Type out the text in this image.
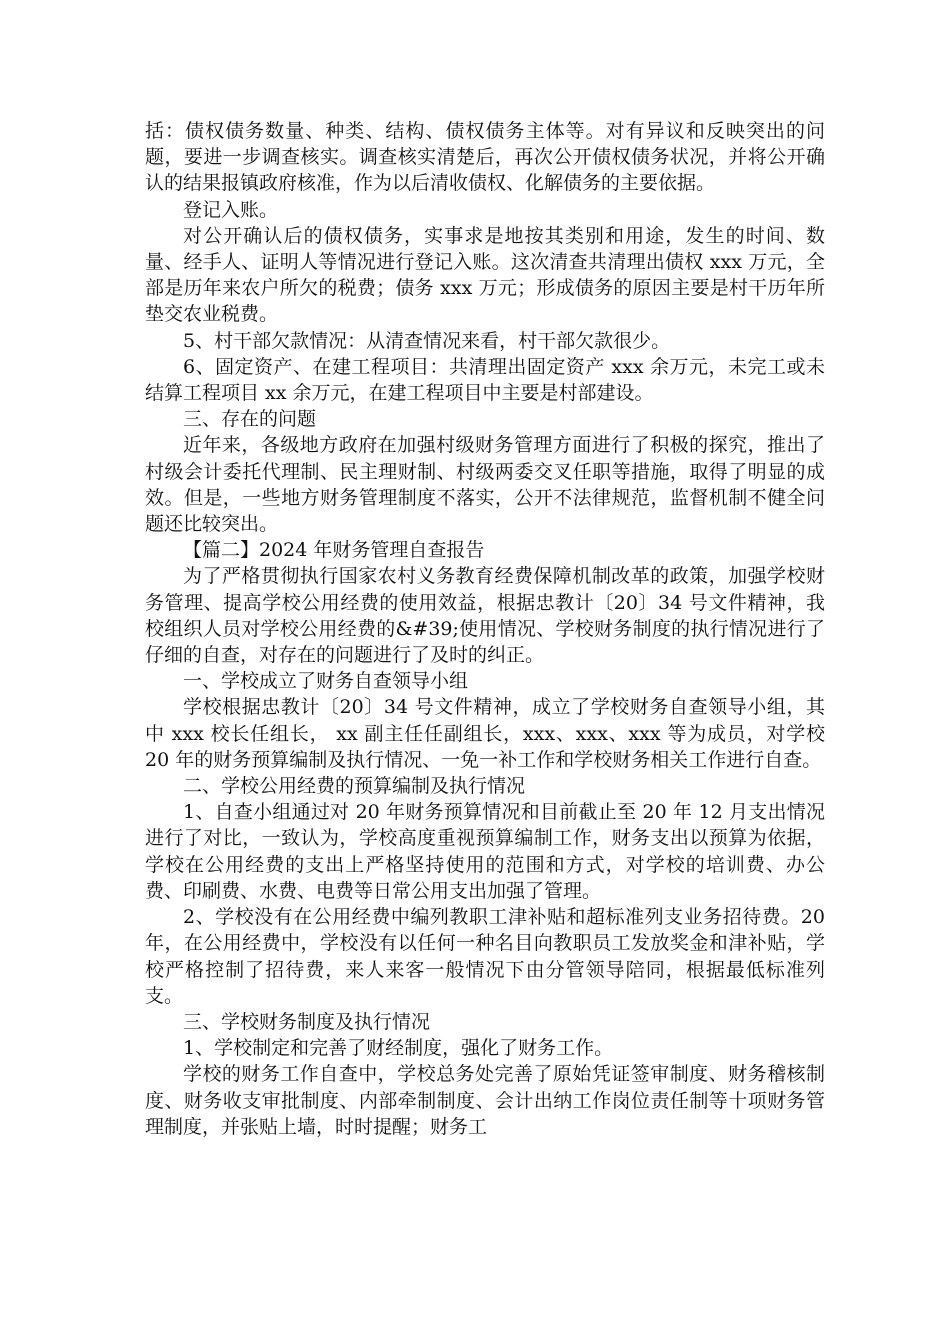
括：债权债务数量、种类、结构、债权债务主体等。对有异议和反映突出的问题，要进一步调查核实。调查核实清楚后，再次公开债权债务状况，并将公开确认的结果报镇政府核准，作为以后清收债权、化解债务的主要依据。

登记入账。

对公开确认后的债权债务，实事求是地按其类别和用途，发生的时间、数量、经手人、证明人等情况进行登记入账。这次清查共清理出债权 xxx 万元，全部是历年来农户所欠的税费；债务 xxx 万元；形成债务的原因主要是村干历年所垫交农业税费。

5、村干部欠款情况：从清查情况来看，村干部欠款很少。

6、固定资产、在建工程项目：共清理出固定资产 xxx 余万元，未完工或未结算工程项目 xx 余万元，在建工程项目中主要是村部建设。

三、存在的问题

近年来，各级地方政府在加强村级财务管理方面进行了积极的探究，推出了村级会计委托代理制、民主理财制、村级两委交叉任职等措施，取得了明显的成效。但是，一些地方财务管理制度不落实，公开不法律规范，监督机制不健全问题还比较突出。

【篇二】2024 年财务管理自查报告

为了严格贯彻执行国家农村义务教育经费保障机制改革的政策，加强学校财务管理、提高学校公用经费的使用效益，根据忠教计〔20〕34 号文件精神，我校组织人员对学校公用经费的&#39;使用情况、学校财务制度的执行情况进行了仔细的自查，对存在的问题进行了及时的纠正。

一、学校成立了财务自查领导小组

学校根据忠教计〔20〕34 号文件精神，成立了学校财务自查领导小组，其中 xxx 校长任组长， xx 副主任任副组长，xxx、xxx、xxx 等为成员，对学校 20 年的财务预算编制及执行情况、一免一补工作和学校财务相关工作进行自查。

二、学校公用经费的预算编制及执行情况

1、自查小组通过对 20 年财务预算情况和目前截止至 20 年 12 月支出情况进行了对比，一致认为，学校高度重视预算编制工作，财务支出以预算为依据，学校在公用经费的支出上严格坚持使用的范围和方式，对学校的培训费、办公费、印刷费、水费、电费等日常公用支出加强了管理。

2、学校没有在公用经费中编列教职工津补贴和超标准列支业务招待费。20 年，在公用经费中，学校没有以任何一种名目向教职员工发放奖金和津补贴，学校严格控制了招待费，来人来客一般情况下由分管领导陪同，根据最低标准列支。

三、学校财务制度及执行情况

1、学校制定和完善了财经制度，强化了财务工作。

学校的财务工作自查中，学校总务处完善了原始凭证签审制度、财务稽核制度、财务收支审批制度、内部牵制制度、会计出纳工作岗位责任制等十项财务管理制度，并张贴上墙，时时提醒；财务工
